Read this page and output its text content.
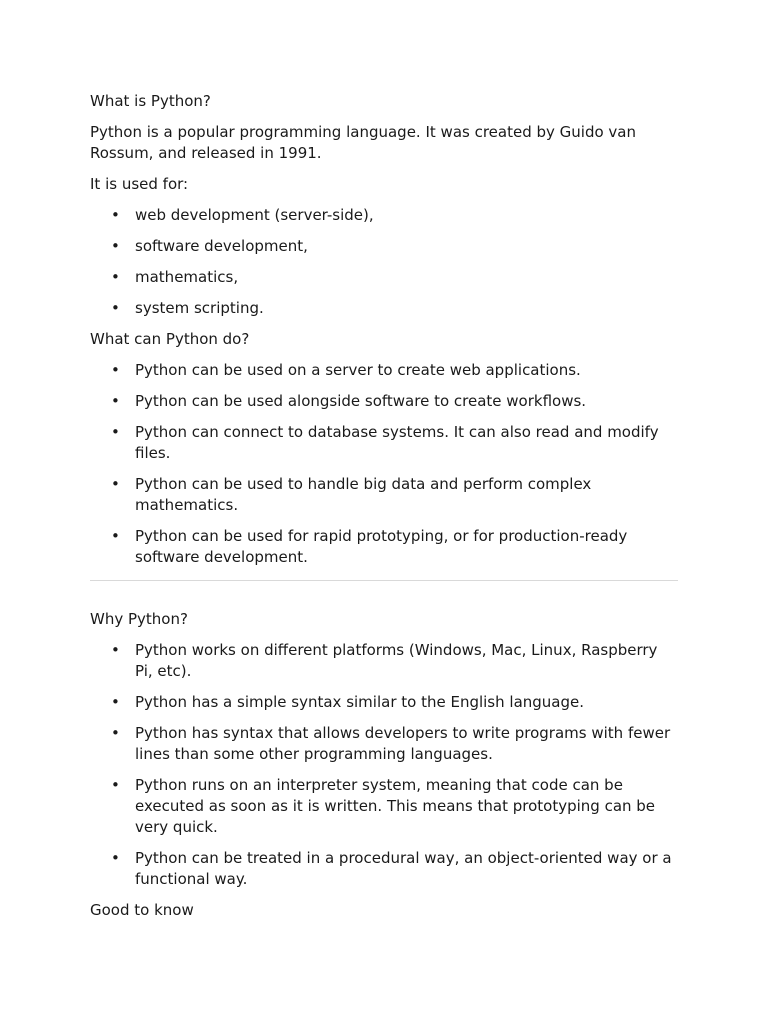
What is Python?

Python is a popular programming language. It was created by Guido van Rossum, and released in 1991.

It is used for:

• web development (server-side),
• software development,
• mathematics,
• system scripting.

What can Python do?

• Python can be used on a server to create web applications.
• Python can be used alongside software to create workflows.
• Python can connect to database systems. It can also read and modify files.
• Python can be used to handle big data and perform complex mathematics.
• Python can be used for rapid prototyping, or for production-ready software development.

Why Python?

• Python works on different platforms (Windows, Mac, Linux, Raspberry Pi, etc).
• Python has a simple syntax similar to the English language.
• Python has syntax that allows developers to write programs with fewer lines than some other programming languages.
• Python runs on an interpreter system, meaning that code can be executed as soon as it is written. This means that prototyping can be very quick.
• Python can be treated in a procedural way, an object-oriented way or a functional way.

Good to know
